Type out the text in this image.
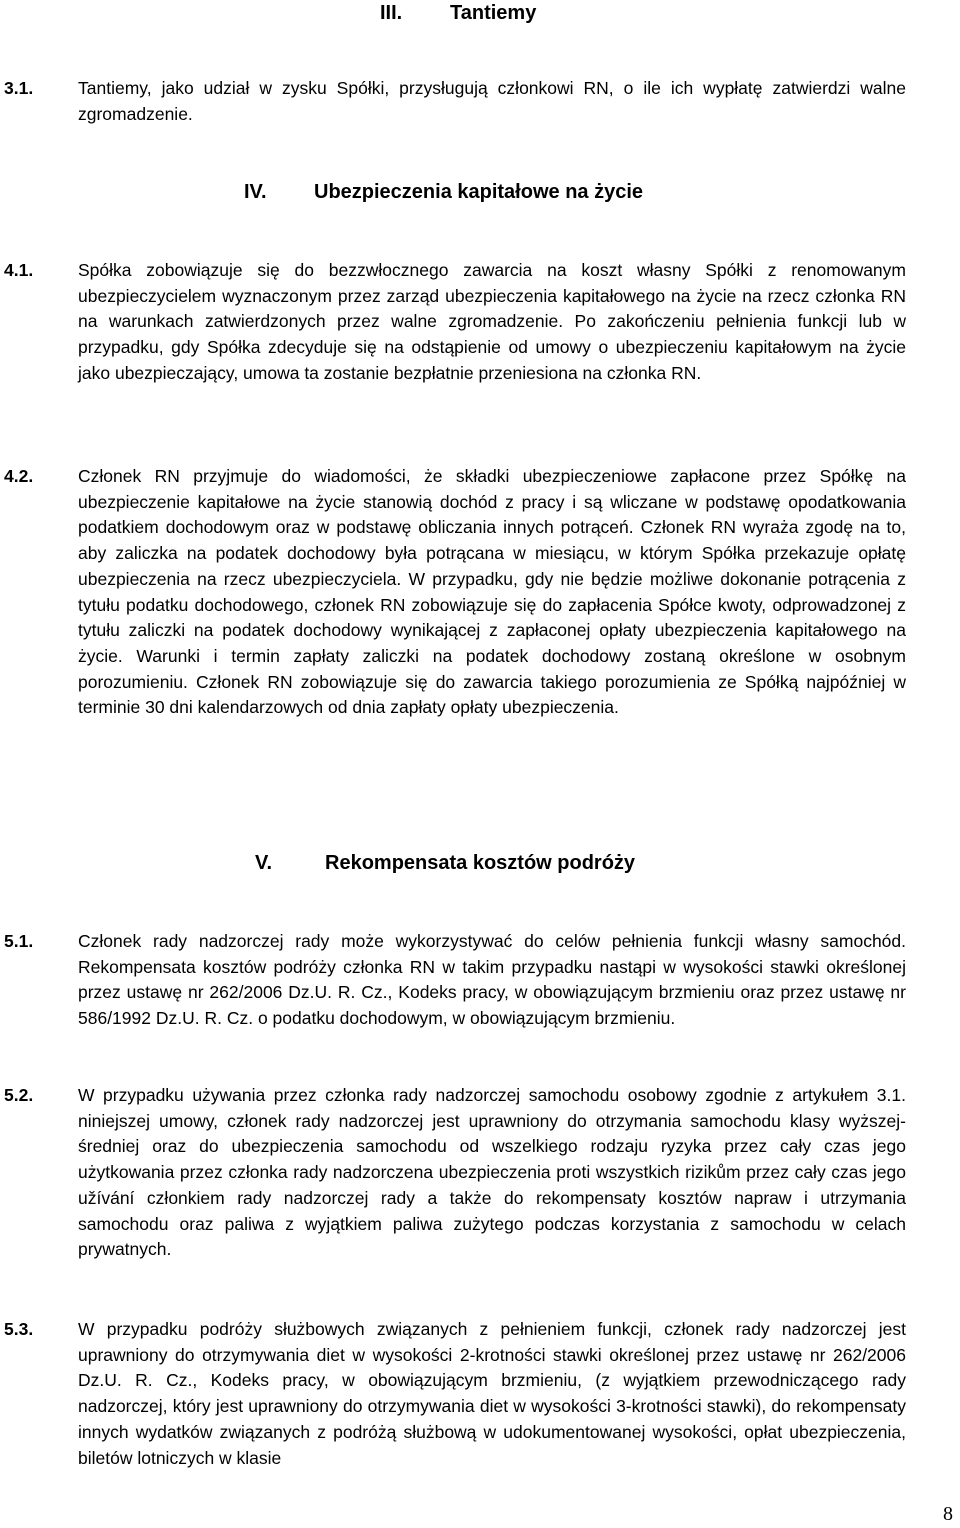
III. Tantiemy
3.1.	Tantiemy, jako udział w zysku Spółki, przysługują członkowi RN, o ile ich wypłatę zatwierdzi walne zgromadzenie.
IV. Ubezpieczenia kapitałowe na życie
4.1.	Spółka zobowiązuje się do bezzwłocznego zawarcia na koszt własny Spółki z renomowanym ubezpieczycielem wyznaczonym przez zarząd ubezpieczenia kapitałowego na życie na rzecz członka RN na warunkach zatwierdzonych przez walne zgromadzenie. Po zakończeniu pełnienia funkcji lub w przypadku, gdy Spółka zdecyduje się na odstąpienie od umowy o ubezpieczeniu kapitałowym na życie jako ubezpieczający, umowa ta zostanie bezpłatnie przeniesiona na członka RN.
4.2.	Członek RN przyjmuje do wiadomości, że składki ubezpieczeniowe zapłacone przez Spółkę na ubezpieczenie kapitałowe na życie stanowią dochód z pracy i są wliczane w podstawę opodatkowania podatkiem dochodowym oraz w podstawę obliczania innych potrąceń. Członek RN wyraża zgodę na to, aby zaliczka na podatek dochodowy była potrącana w miesiącu, w którym Spółka przekazuje opłatę ubezpieczenia na rzecz ubezpieczyciela. W przypadku, gdy nie będzie możliwe dokonanie potrącenia z tytułu podatku dochodowego, członek RN zobowiązuje się do zapłacenia Spółce kwoty, odprowadzonej z tytułu zaliczki na podatek dochodowy wynikającej z zapłaconej opłaty ubezpieczenia kapitałowego na życie. Warunki i termin zapłaty zaliczki na podatek dochodowy zostaną określone w osobnym porozumieniu. Członek RN zobowiązuje się do zawarcia takiego porozumienia ze Spółką najpóźniej w terminie 30 dni kalendarzowych od dnia zapłaty opłaty ubezpieczenia.
V.	Rekompensata kosztów podróży
5.1.	Członek rady nadzorczej rady może wykorzystywać do celów pełnienia funkcji własny samochód. Rekompensata kosztów podróży członka RN w takim przypadku nastąpi w wysokości stawki określonej przez ustawę nr 262/2006 Dz.U. R. Cz., Kodeks pracy, w obowiązującym brzmieniu oraz przez ustawę nr 586/1992 Dz.U. R. Cz. o podatku dochodowym, w obowiązującym brzmieniu.
5.2.	W przypadku używania przez członka rady nadzorczej samochodu osobowy zgodnie z artykułem 3.1. niniejszej umowy, członek rady nadzorczej jest uprawniony do otrzymania samochodu klasy wyższej-średniej oraz do ubezpieczenia samochodu od wszelkiego rodzaju ryzyka przez cały czas jego użytkowania przez członka rady nadzorczena ubezpieczenia proti wszystkich rizikům przez cały czas jego užívání członkiem rady nadzorczej rady a także do rekompensaty kosztów napraw i utrzymania samochodu oraz paliwa z wyjątkiem paliwa zużytego podczas korzystania z samochodu w celach prywatnych.
5.3.	W przypadku podróży służbowych związanych z pełnieniem funkcji, członek rady nadzorczej jest uprawniony do otrzymywania diet w wysokości 2-krotności stawki określonej przez ustawę nr 262/2006 Dz.U. R. Cz., Kodeks pracy, w obowiązującym brzmieniu, (z wyjątkiem przewodniczącego rady nadzorczej, który jest uprawniony do otrzymywania diet w wysokości 3-krotności stawki), do rekompensaty innych wydatków związanych z podróżą służbową w udokumentowanej wysokości, opłat ubezpieczenia, biletów lotniczych w klasie
8
